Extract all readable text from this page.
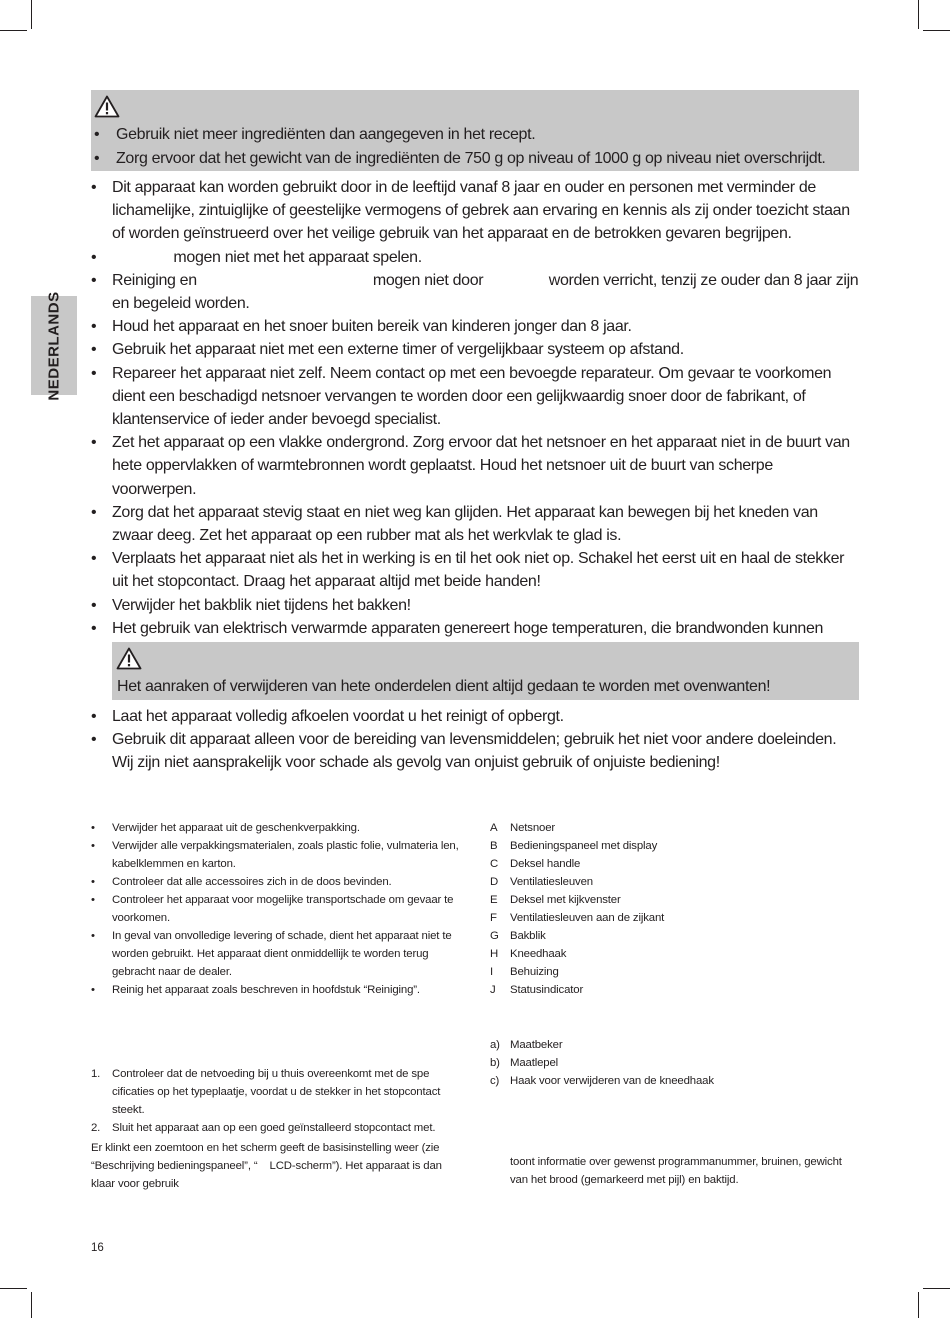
NEDERLANDS
• Gebruik niet meer ingrediënten dan aangegeven in het recept.
• Zorg ervoor dat het gewicht van de ingrediënten de 750 g op niveau of 1000 g op niveau niet overschrijdt.
• Dit apparaat kan worden gebruikt door in de leeftijd vanaf 8 jaar en ouder en personen met verminder de lichamelijke, zintuiglijke of geestelijke vermogens of gebrek aan ervaring en kennis als zij onder toezicht staan of worden geïnstrueerd over het veilige gebruik van het apparaat en de betrokken gevaren begrijpen.
• mogen niet met het apparaat spelen.
• Reiniging en                                           mogen niet door                worden verricht, tenzij ze ouder dan 8 jaar zijn en begeleid worden.
• Houd het apparaat en het snoer buiten bereik van kinderen jonger dan 8 jaar.
• Gebruik het apparaat niet met een externe timer of vergelijkbaar systeem op afstand.
• Repareer het apparaat niet zelf. Neem contact op met een bevoegde reparateur. Om gevaar te voorkomen dient een beschadigd netsnoer vervangen te worden door een gelijkwaardig snoer door de fabrikant, of klantenservice of ieder ander bevoegd specialist.
• Zet het apparaat op een vlakke ondergrond. Zorg ervoor dat het netsnoer en het apparaat niet in de buurt van hete oppervlakken of warmtebronnen wordt geplaatst. Houd het netsnoer uit de buurt van scherpe voorwerpen.
• Zorg dat het apparaat stevig staat en niet weg kan glijden. Het apparaat kan bewegen bij het kneden van zwaar deeg. Zet het apparaat op een rubber mat als het werkvlak te glad is.
• Verplaats het apparaat niet als het in werking is en til het ook niet op. Schakel het eerst uit en haal de stekker uit het stopcontact. Draag het apparaat altijd met beide handen!
• Verwijder het bakblik niet tijdens het bakken!
• Het gebruik van elektrisch verwarmde apparaten genereert hoge temperaturen, die brandwonden kunnen
Het aanraken of verwijderen van hete onderdelen dient altijd gedaan te worden met ovenwanten!
• Laat het apparaat volledig afkoelen voordat u het reinigt of opbergt.
• Gebruik dit apparaat alleen voor de bereiding van levensmiddelen; gebruik het niet voor andere doeleinden. Wij zijn niet aansprakelijk voor schade als gevolg van onjuist gebruik of onjuiste bediening!
• Verwijder het apparaat uit de geschenkverpakking.
• Verwijder alle verpakkingsmaterialen, zoals plastic folie, vulmateria len, kabelklemmen en karton.
• Controleer dat alle accessoires zich in de doos bevinden.
• Controleer het apparaat voor mogelijke transportschade om gevaar te voorkomen.
• In geval van onvolledige levering of schade, dient het apparaat niet te worden gebruikt. Het apparaat dient onmiddellijk te worden terug gebracht naar de dealer.
• Reinig het apparaat zoals beschreven in hoofdstuk “Reiniging”.
A Netsnoer
B Bedieningspaneel met display
C Deksel handle
D Ventilatiesleuven
E Deksel met kijkvenster
F Ventilatiesleuven aan de zijkant
G Bakblik
H Kneedhaak
I Behuizing
J Statusindicator
a) Maatbeker
b) Maatlepel
c) Haak voor verwijderen van de kneedhaak
1. Controleer dat de netvoeding bij u thuis overeenkomt met de spe cificaties op het typeplaatje, voordat u de stekker in het stopcontact steekt.
2. Sluit het apparaat aan op een goed geïnstalleerd stopcontact met.
Er klinkt een zoemtoon en het scherm geeft de basisinstelling weer (zie “Beschrijving bedieningspaneel”, “    LCD-scherm”). Het apparaat is dan klaar voor gebruik
toont informatie over gewenst programmanummer, bruinen, gewicht van het brood (gemarkeerd met pijl) en baktijd.
16
